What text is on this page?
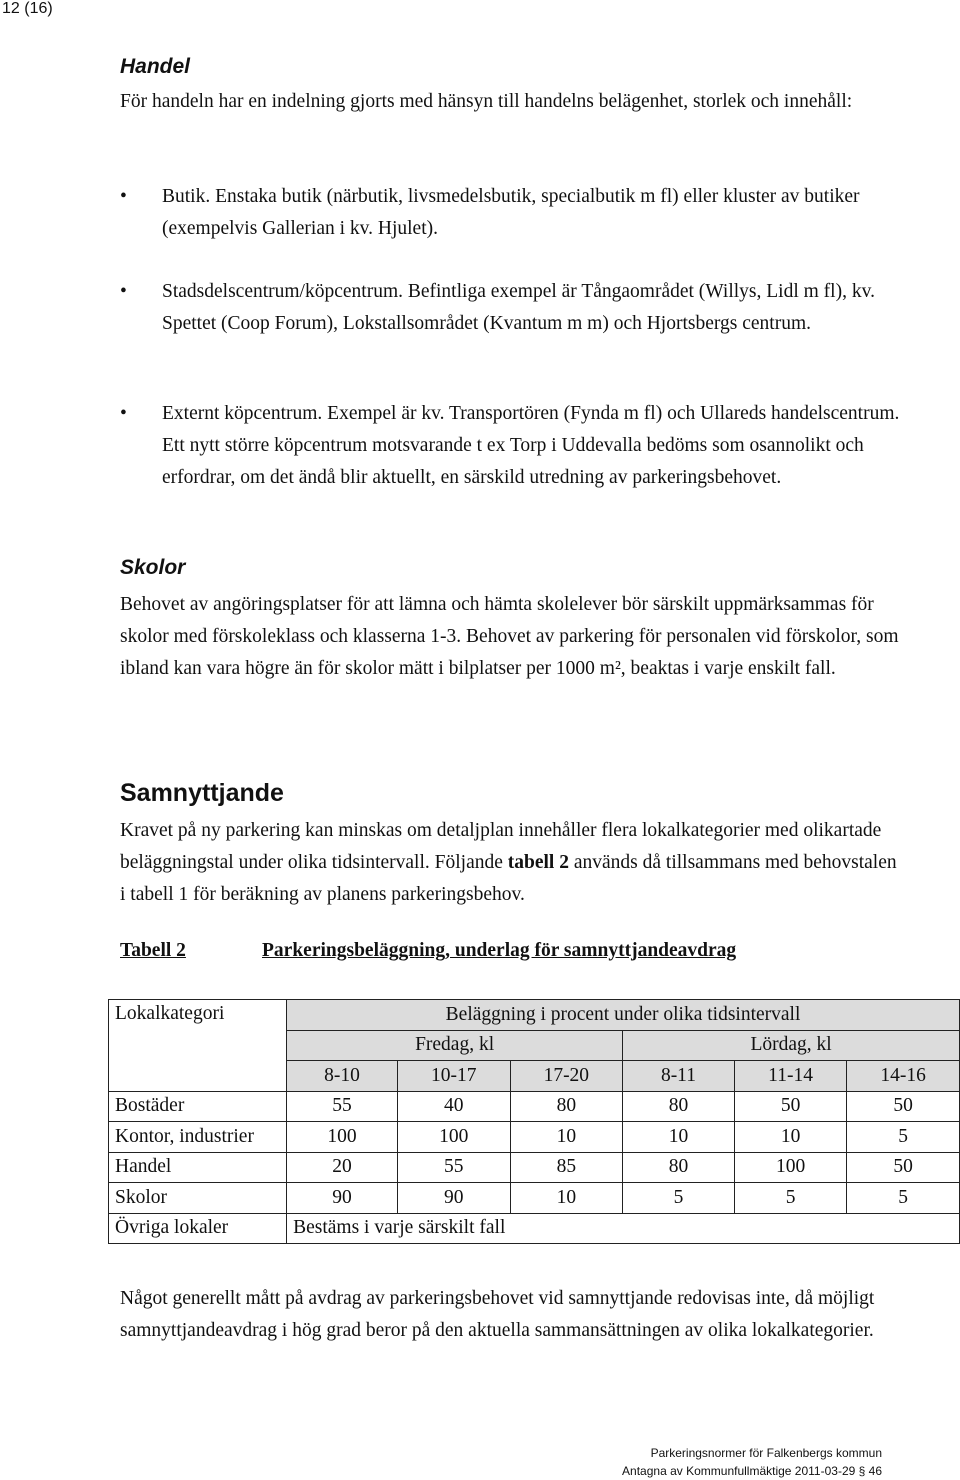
12 (16)
Handel

För handeln har en indelning gjorts med hänsyn till handelns belägenhet, storlek och innehåll:

• Butik. Enstaka butik (närbutik, livsmedelsbutik, specialbutik m fl) eller kluster av butiker (exempelvis Gallerian i kv. Hjulet).
• Stadsdelscentrum/köpcentrum. Befintliga exempel är Tångaområdet (Willys, Lidl m fl), kv. Spettet (Coop Forum), Lokstallsområdet (Kvantum m m) och Hjortsbergs centrum.
• Externt köpcentrum. Exempel är kv. Transportören (Fynda m fl) och Ullareds handelscentrum. Ett nytt större köpcentrum motsvarande t ex Torp i Uddevalla bedöms som osannolikt och erfordrar, om det ändå blir aktuellt, en särskild utredning av parkeringsbehovet.
Skolor

Behovet av angöringsplatser för att lämna och hämta skolelever bör särskilt uppmärksammas för skolor med förskoleklass och klasserna 1-3. Behovet av parkering för personalen vid förskolor, som ibland kan vara högre än för skolor mätt i bilplatser per 1000 m², beaktas i varje enskilt fall.

Samnyttjande

Kravet på ny parkering kan minskas om detaljplan innehåller flera lokalkategorier med olikartade beläggningstal under olika tidsintervall. Följande tabell 2 används då tillsammans med behovstalen i tabell 1 för beräkning av planens parkeringsbehov.

Tabell 2	Parkeringsbeläggning, underlag för samnyttjandeavdrag
Lokalkategori	Beläggning i procent under olika tidsintervall					
	Fredag, kl			Lördag, kl		
	8-10	10-17	17-20	8-11	11-14	14-16
Bostäder	55	40	80	80	50	50
Kontor, industrier	100	100	10	10	10	5
Handel	20	55	85	80	100	50
Skolor	90	90	10	5	5	5
Övriga lokaler	Bestäms i varje särskilt fall					

Något generellt mått på avdrag av parkeringsbehovet vid samnyttjande redovisas inte, då möjligt samnyttjandeavdrag i hög grad beror på den aktuella sammansättningen av olika lokalkategorier.

Parkeringsnormer för Falkenbergs kommun
Antagna av Kommunfullmäktige 2011-03-29 § 46
